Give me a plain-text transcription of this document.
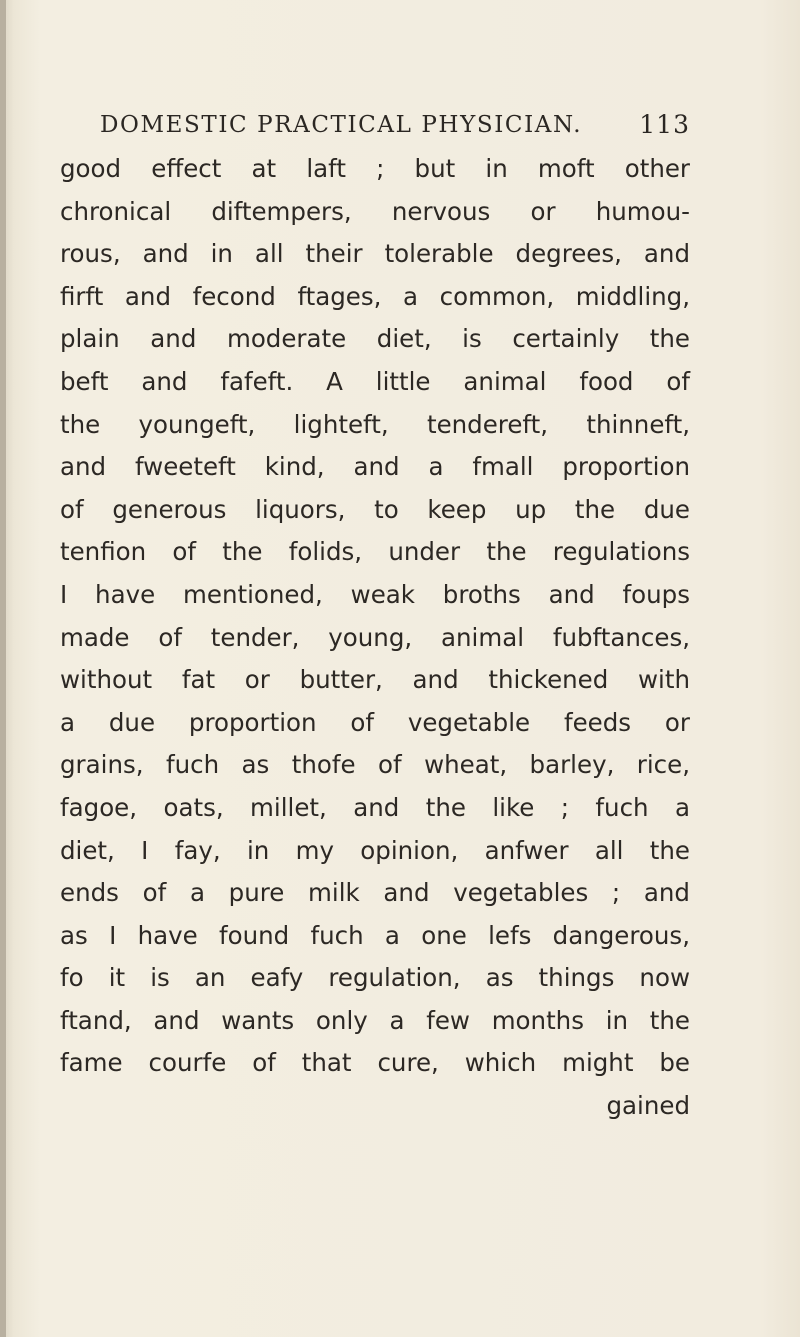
DOMESTIC PRACTICAL PHYSICIAN. 113
good effect at laft ; but in moft other
chronical diftempers, nervous or humou-
rous, and in all their tolerable degrees, and
firft and fecond ftages, a common, middling,
plain and moderate diet, is certainly the
beft and fafeft. A little animal food of
the youngeft, lighteft, tendereft, thinneft,
and fweeteft kind, and a fmall proportion
of generous liquors, to keep up the due
tenfion of the folids, under the regulations
I have mentioned, weak broths and foups
made of tender, young, animal fubftances,
without fat or butter, and thickened with
a due proportion of vegetable feeds or
grains, fuch as thofe of wheat, barley, rice,
fagoe, oats, millet, and the like ; fuch a
diet, I fay, in my opinion, anfwer all the
ends of a pure milk and vegetables ; and
as I have found fuch a one lefs dangerous,
fo it is an eafy regulation, as things now
ftand, and wants only a few months in the
fame courfe of that cure, which might be
gained
